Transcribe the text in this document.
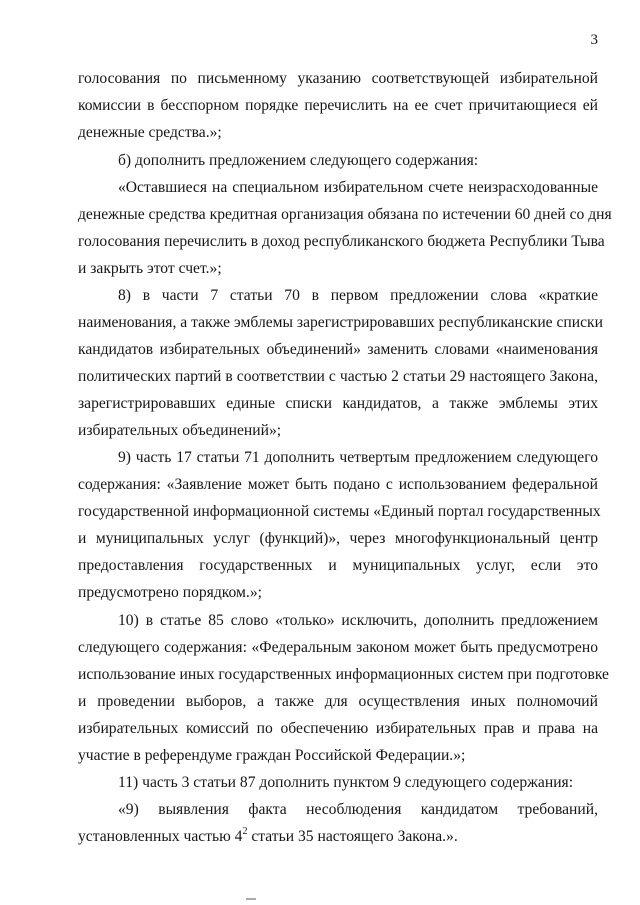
3
голосования по письменному указанию соответствующей избирательной
комиссии в бесспорном порядке перечислить на ее счет причитающиеся ей
денежные средства.»;
б) дополнить предложением следующего содержания:
«Оставшиеся на специальном избирательном счете неизрасходованные
денежные средства кредитная организация обязана по истечении 60 дней со дня
голосования перечислить в доход республиканского бюджета Республики Тыва
и закрыть этот счет.»;
8) в части 7 статьи 70 в первом предложении слова «краткие
наименования, а также эмблемы зарегистрировавших республиканские списки
кандидатов избирательных объединений» заменить словами «наименования
политических партий в соответствии с частью 2 статьи 29 настоящего Закона,
зарегистрировавших единые списки кандидатов, а также эмблемы этих
избирательных объединений»;
9) часть 17 статьи 71 дополнить четвертым предложением следующего
содержания: «Заявление может быть подано с использованием федеральной
государственной информационной системы «Единый портал государственных
и муниципальных услуг (функций)», через многофункциональный центр
предоставления государственных и муниципальных услуг, если это
предусмотрено порядком.»;
10) в статье 85 слово «только» исключить, дополнить предложением
следующего содержания: «Федеральным законом может быть предусмотрено
использование иных государственных информационных систем при подготовке
и проведении выборов, а также для осуществления иных полномочий
избирательных комиссий по обеспечению избирательных прав и права на
участие в референдуме граждан Российской Федерации.»;
11) часть 3 статьи 87 дополнить пунктом 9 следующего содержания:
«9) выявления факта несоблюдения кандидатом требований,
установленных частью $4^2$ статьи 35 настоящего Закона.».
